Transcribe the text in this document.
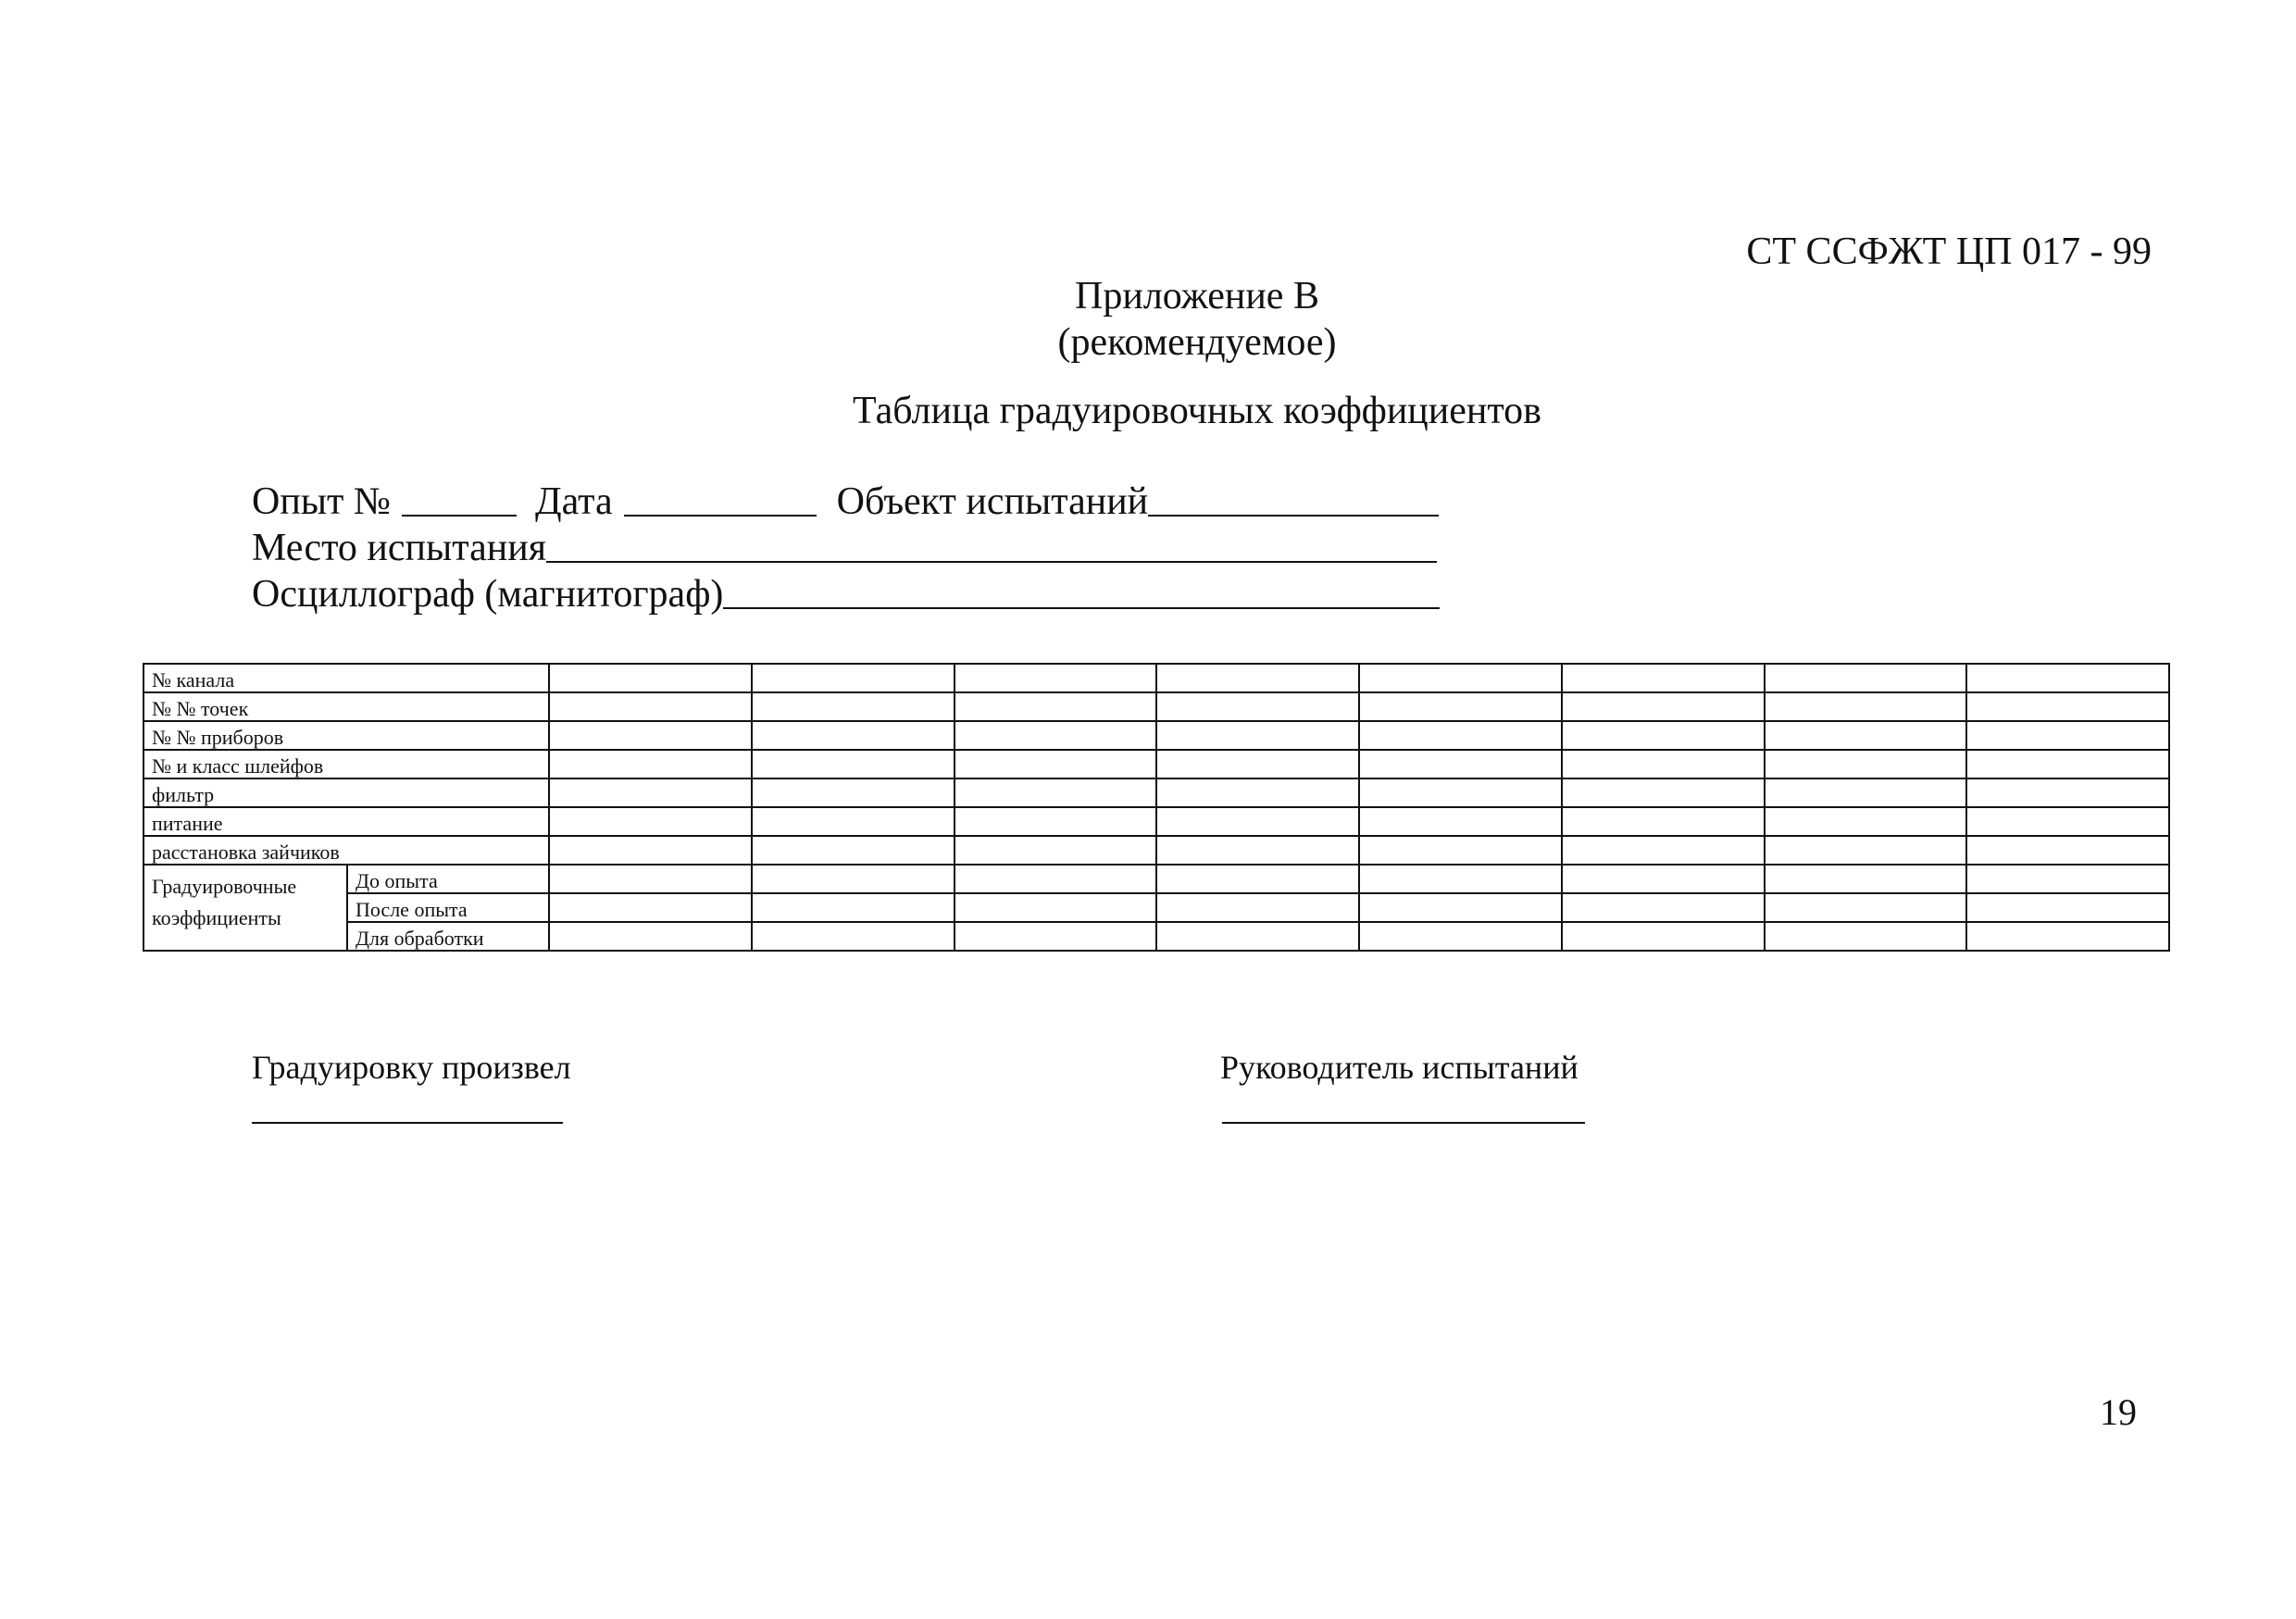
СТ ССФЖТ ЦП 017 - 99
Приложение В
(рекомендуемое)
Таблица градуировочных коэффициентов
Опыт №	Дата	Объект испытаний
Место испытания
Осциллограф (магнитограф)
№ канала									
№ № точек									
№ № приборов									
№ и класс шлейфов									
фильтр									
питание									
расстановка зайчиков									
Градуировочные коэффициенты	До опыта								
	После опыта								
	Для обработки								
Градуировку произвел	Руководитель испытаний
19
